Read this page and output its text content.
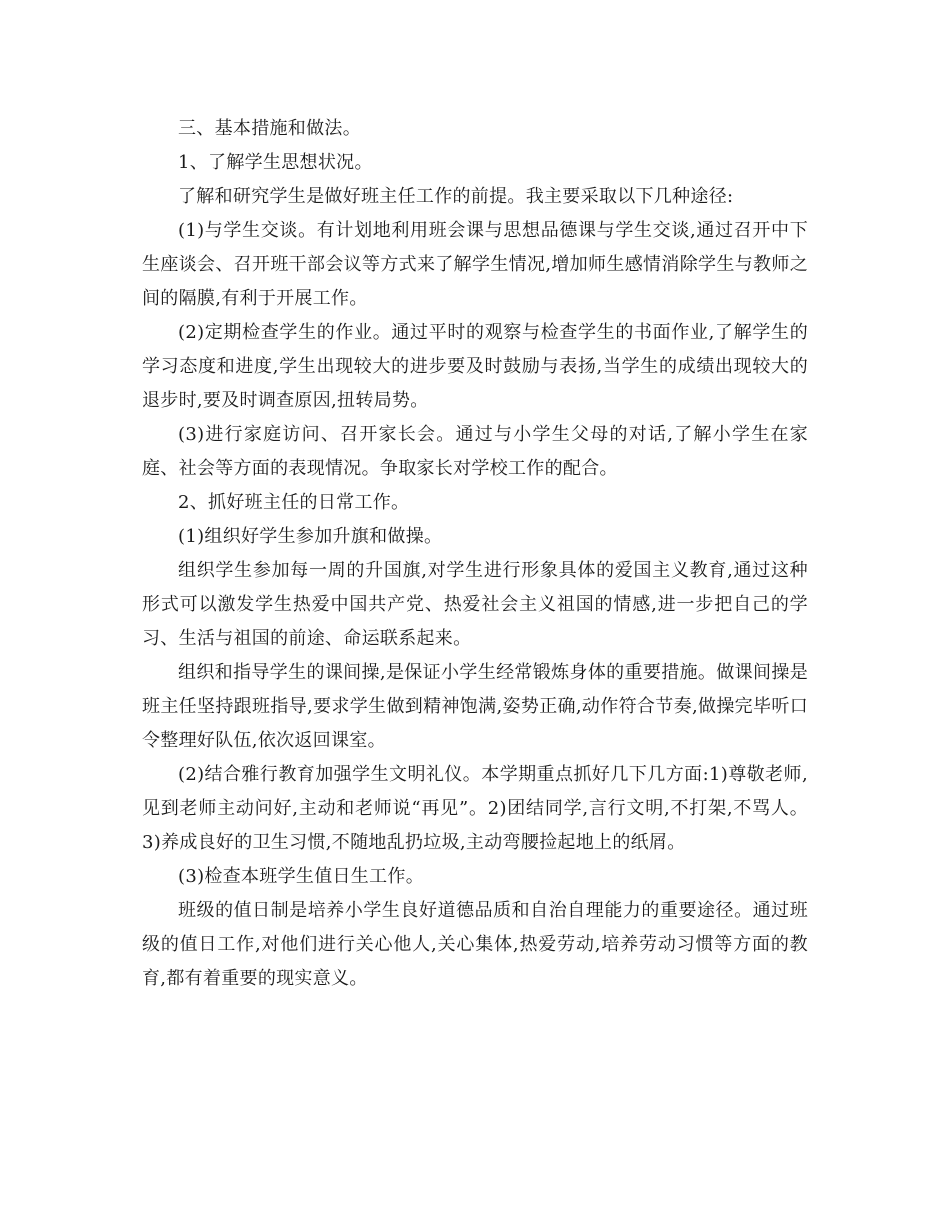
三、基本措施和做法。

1、了解学生思想状况。

了解和研究学生是做好班主任工作的前提。我主要采取以下几种途径:

(1)与学生交谈。有计划地利用班会课与思想品德课与学生交谈,通过召开中下生座谈会、召开班干部会议等方式来了解学生情况,增加师生感情消除学生与教师之间的隔膜,有利于开展工作。

(2)定期检查学生的作业。通过平时的观察与检查学生的书面作业,了解学生的学习态度和进度,学生出现较大的进步要及时鼓励与表扬,当学生的成绩出现较大的退步时,要及时调查原因,扭转局势。

(3)进行家庭访问、召开家长会。通过与小学生父母的对话,了解小学生在家庭、社会等方面的表现情况。争取家长对学校工作的配合。

2、抓好班主任的日常工作。

(1)组织好学生参加升旗和做操。

组织学生参加每一周的升国旗,对学生进行形象具体的爱国主义教育,通过这种形式可以激发学生热爱中国共产党、热爱社会主义祖国的情感,进一步把自己的学习、生活与祖国的前途、命运联系起来。

组织和指导学生的课间操,是保证小学生经常锻炼身体的重要措施。做课间操是班主任坚持跟班指导,要求学生做到精神饱满,姿势正确,动作符合节奏,做操完毕听口令整理好队伍,依次返回课室。

(2)结合雅行教育加强学生文明礼仪。本学期重点抓好几下几方面:1)尊敬老师,见到老师主动问好,主动和老师说“再见”。2)团结同学,言行文明,不打架,不骂人。3)养成良好的卫生习惯,不随地乱扔垃圾,主动弯腰捡起地上的纸屑。

(3)检查本班学生值日生工作。

班级的值日制是培养小学生良好道德品质和自治自理能力的重要途径。通过班级的值日工作,对他们进行关心他人,关心集体,热爱劳动,培养劳动习惯等方面的教育,都有着重要的现实意义。
